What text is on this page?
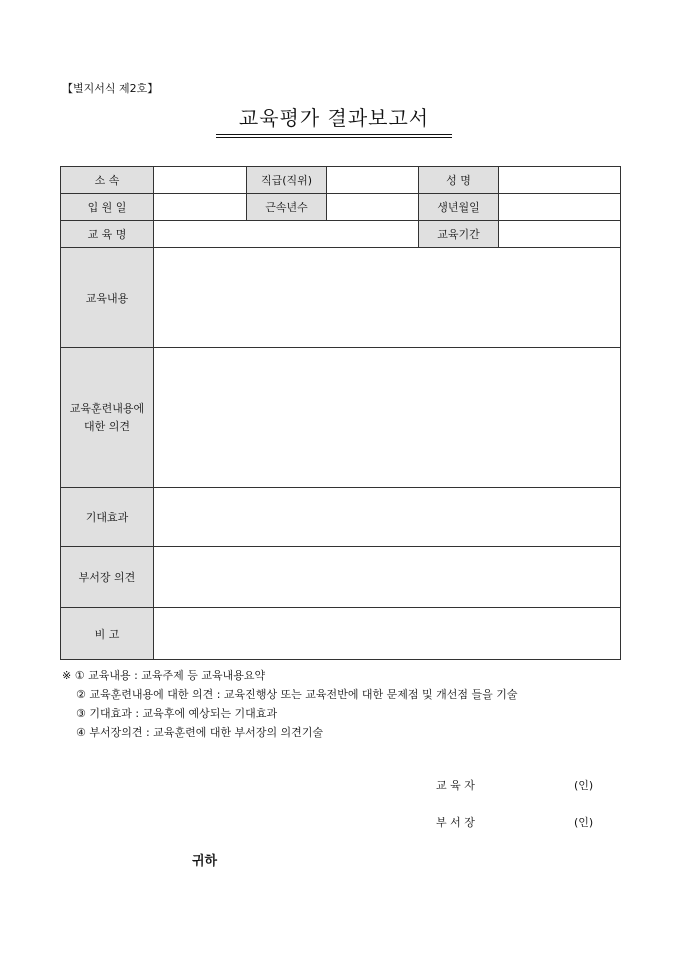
【별지서식 제2호】
교육평가 결과보고서
소 속		직급(직위)		성 명	
입 원 일		근속년수		생년월일	
교 육 명				교육기간	
교육내용					

교육훈련내용에
대한 의견					

기대효과					
부서장 의견					
비 고					
※ ① 교육내용 : 교육주제 등 교육내용요약
② 교육훈련내용에 대한 의견 : 교육진행상 또는 교육전반에 대한 문제점 및 개선점 들을 기술
③ 기대효과 : 교육후에 예상되는 기대효과
④ 부서장의견 : 교육훈련에 대한 부서장의 의견기술
교 육 자	(인)
부 서 장	(인)
귀하
